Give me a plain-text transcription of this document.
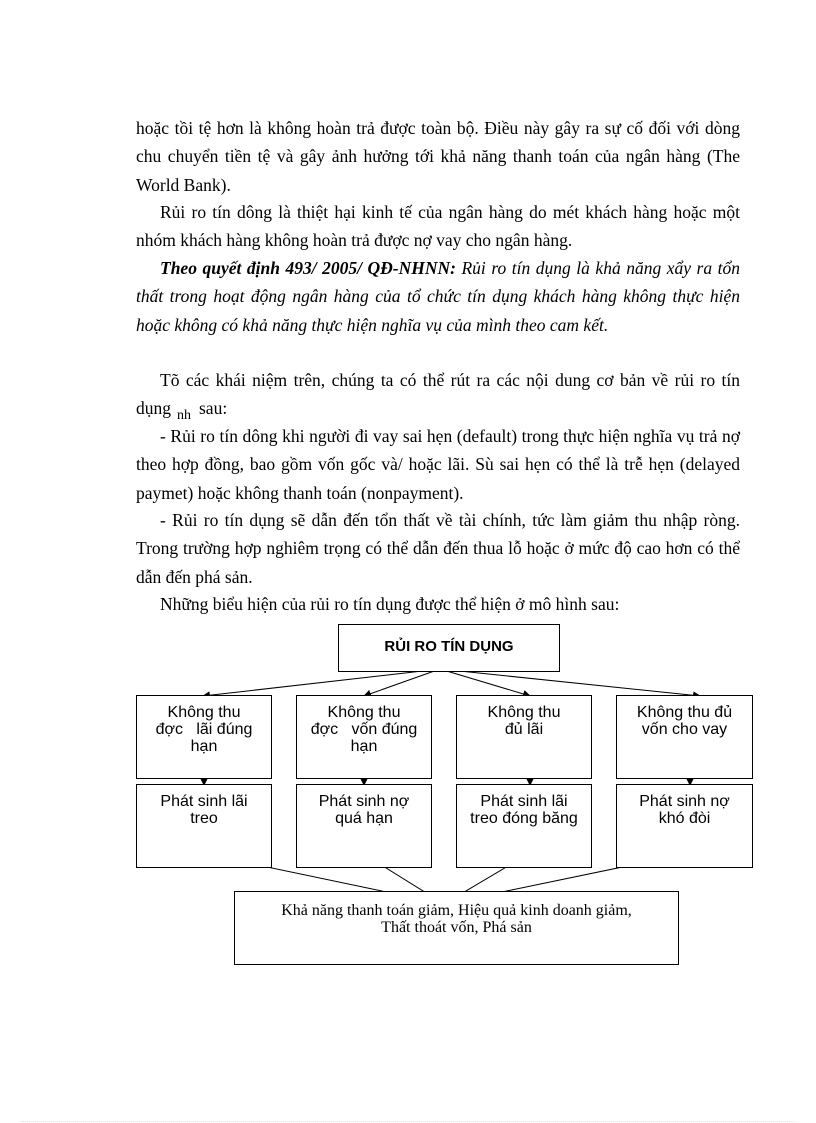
hoặc tồi tệ hơn là không hoàn trả được toàn bộ. Điều này gây ra sự cố đối với dòng chu chuyển tiền tệ và gây ảnh hưởng tới khả năng thanh toán của ngân hàng (The World Bank).
Rủi ro tín dông là thiệt hại kinh tế của ngân hàng do mét khách hàng hoặc một nhóm khách hàng không hoàn trả được nợ vay cho ngân hàng.
Theo quyết định 493/ 2005/ QĐ-NHNN: Rủi ro tín dụng là khả năng xẩy ra tổn thất trong hoạt động ngân hàng của tổ chức tín dụng khách hàng không thực hiện hoặc không có khả năng thực hiện nghĩa vụ của mình theo cam kết.
Tõ các khái niệm trên, chúng ta có thể rút ra các nội dung cơ bản về rủi ro tín dụng $_{nh}$ sau:
- Rủi ro tín dông khi người đi vay sai hẹn (default) trong thực hiện nghĩa vụ trả nợ theo hợp đồng, bao gồm vốn gốc và/ hoặc lãi. Sù sai hẹn có thể là trễ hẹn (delayed paymet) hoặc không thanh toán (nonpayment).
- Rủi ro tín dụng sẽ dẫn đến tổn thất về tài chính, tức làm giảm thu nhập ròng. Trong trường hợp nghiêm trọng có thể dẫn đến thua lỗ hoặc ở mức độ cao hơn có thể dẫn đến phá sản.
Những biểu hiện của rủi ro tín dụng được thể hiện ở mô hình sau:
RỦI RO TÍN DỤNG
Không thu
đợc   lãi đúng
hạn
Không thu
đợc   vốn đúng
hạn
Không thu
đủ lãi
Không thu đủ
vốn cho vay
Phát sinh lãi
treo
Phát sinh nợ
quá hạn
Phát sinh lãi
treo đóng băng
Phát sinh nợ
khó đòi
Khả năng thanh toán giảm, Hiệu quả kinh doanh giảm,
Thất thoát vốn, Phá sản
